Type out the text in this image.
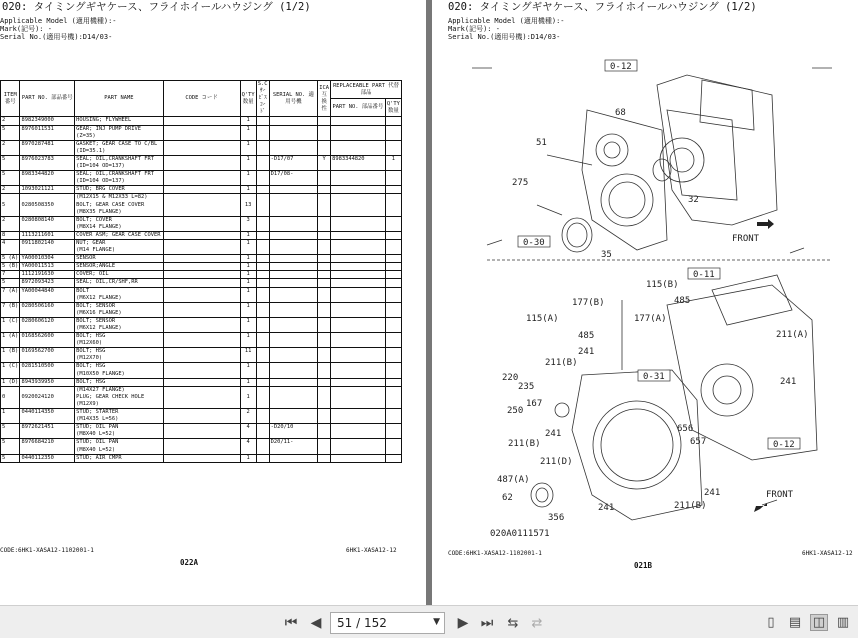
020: タイミングギヤケース、フライホイールハウジング (1/2)
Applicable Model (適用機種):-
Mark(記号): -
Serial No.(適用号機):D14/03-
ITEM 番号	PART NO. 部品番号	PART NAME	CODE コード	Q'TY 数量	S.C ｻｰﾋﾞｽ ｺｰﾄﾞ	SERIAL NO. 適用号機	ICA 互換性	REPLACEABLE PART 代替部品	
								PART NO. 部品番号	Q'TY 数量
2	8982349000	HOUSING; FLYWHEEL		1					
5	8976011531	GEAR; INJ PUMP DRIVE		1					
		(Z=35)							
2	8970287481	GASKET; GEAR CASE TO C/BL		1					
		(ID=35.1)							
5	8976023783	SEAL; OIL,CRANKSHAFT FRT		1		-D17/07	Y	8983344820	1
		(ID=104 OD=137)							
5	8983344820	SEAL; OIL,CRANKSHAFT FRT		1		D17/08-			
		(ID=104 OD=137)							
2	1093021121	STUD; BRG COVER		1					
		(M12X15 & M12X33 L=82)							
5	0280508350	BOLT; GEAR CASE COVER		13					
		(M8X35 FLANGE)							
2	0280808140	BOLT; COVER		3					
		(M8X14 FLANGE)							
8	1113211601	COVER ASM; GEAR CASE COVER		1					
4	0911802140	NUT; GEAR		1					
		(M14 FLANGE)							
5 (A)	YA00010304	SENSOR		1					
5 (B)	YA00011513	SENSOR;ANGLE		1					
7	1112191630	COVER; OIL		1					
5	8972093423	SEAL; OIL,CR/SHF,RR		1					
7 (A)	YA00044840	BOLT		1					
		(M6X12 FLANGE)							
7 (B)	0280506160	BOLT; SENSOR		1					
		(M6X16 FLANGE)							
1 (C)	0280606120	BOLT; SENSOR		1					
		(M6X12 FLANGE)							
1 (A)	0168562600	BOLT; HSG		1					
		(M12X60)							
1 (B)	0169562700	BOLT; HSG		11					
		(M12X70)							
1 (C)	0281510500	BOLT; HSG		1					
		(M10X50 FLANGE)							
1 (D)	8943939950	BOLT; HSG		1					
		(M14X27 FLANGE)							
0	0920024120	PLUG; GEAR CHECK HOLE		1					
		(M12X9)							
1	0440114350	STUD; STARTER		2					
		(M14X35 L=56)							
5	8972621451	STUD; OIL PAN		4		-D20/10			
		(M8X40 L=52)							
5	8976684210	STUD; OIL PAN		4		D20/11-			
		(M8X40 L=52)							
5	0440112350	STUD; AIR CMPR		1					
CODE:6HK1-XASA12-1102001-1	6HK1-XASA12-12
022A
020: タイミングギヤケース、フライホイールハウジング (1/2)
Applicable Model (適用機種):-
Mark(記号): -
Serial No.(適用号機):D14/03-
0-12
68
51
275
0-30
35
32
FRONT
0-11
115(B)
485
177(B)
115(A)	177(A)
485	211(A)
211(B)
241
220
235
167
250
0-31	241
211(B)
656
657	0-12
211(D)
241
487(A)
211(B)
62
356
241
241	FRONT
020A0111571
CODE:6HK1-XASA12-1102001-1	6HK1-XASA12-12
021B
⏮ ◀	51 / 152	▼ ▶ ⏭ ⇆ ⇄	▯	▤ ◫ ▥
